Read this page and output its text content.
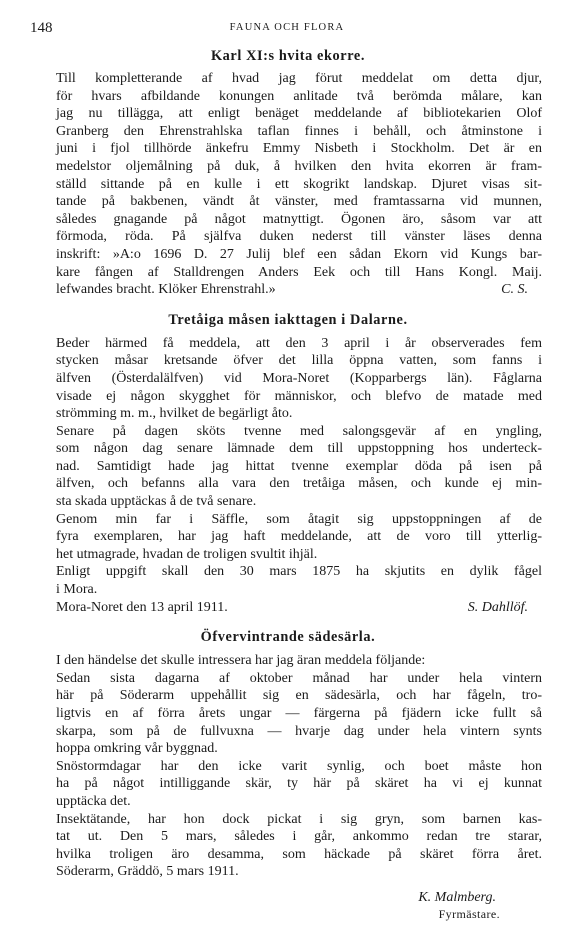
148	FAUNA OCH FLORA
Karl XI:s hvita ekorre.

Till kompletterande af hvad jag förut meddelat om detta djur,
för hvars afbildande konungen anlitade två berömda målare, kan
jag nu tillägga, att enligt benäget meddelande af bibliotekarien Olof
Granberg den Ehrenstrahlska taflan finnes i behåll, och åtminstone i
juni i fjol tillhörde änkefru Emmy Nisbeth i Stockholm. Det är en
medelstor oljemålning på duk, å hvilken den hvita ekorren är fram-
ställd sittande på en kulle i ett skogrikt landskap. Djuret visas sit-
tande på bakbenen, vändt åt vänster, med framtassarna vid munnen,
således gnagande på något matnyttigt. Ögonen äro, såsom var att
förmoda, röda. På själfva duken nederst till vänster läses denna
inskrift: »A:o 1696 D. 27 Julij blef een sådan Ekorn vid Kungs bar-
kare fången af Stalldrengen Anders Eek och till Hans Kongl. Maij.
lefwandes bracht. Klöker Ehrenstrahl.»	C. S.

Tretåiga måsen iakttagen i Dalarne.

Beder härmed få meddela, att den 3 april i år observerades fem
stycken måsar kretsande öfver det lilla öppna vatten, som fanns i
älfven (Österdalälfven) vid Mora-Noret (Kopparbergs län). Fåglarna
visade ej någon skygghet för människor, och blefvo de matade med
strömming m. m., hvilket de begärligt åto.

Senare på dagen sköts tvenne med salongsgevär af en yngling,
som någon dag senare lämnade dem till uppstoppning hos underteck-
nad. Samtidigt hade jag hittat tvenne exemplar döda på isen på
älfven, och befanns alla vara den tretåiga måsen, och kunde ej min-
sta skada upptäckas å de två senare.

Genom min far i Säffle, som åtagit sig uppstoppningen af de
fyra exemplaren, har jag haft meddelande, att de voro till ytterlig-
het utmagrade, hvadan de troligen svultit ihjäl.

Enligt uppgift skall den 30 mars 1875 ha skjutits en dylik fågel
i Mora.

Mora-Noret den 13 april 1911.	S. Dahllöf.

Öfvervintrande sädesärla.

I den händelse det skulle intressera har jag äran meddela följande:

Sedan sista dagarna af oktober månad har under hela vintern
här på Söderarm uppehållit sig en sädesärla, och har fågeln, tro-
ligtvis en af förra årets ungar — färgerna på fjädern icke fullt så
skarpa, som på de fullvuxna — hvarje dag under hela vintern synts
hoppa omkring vår byggnad.

Snöstormdagar har den icke varit synlig, och boet måste hon
ha på något intilliggande skär, ty här på skäret ha vi ej kunnat
upptäcka det.

Insektätande, har hon dock pickat i sig gryn, som barnen kas-
tat ut. Den 5 mars, således i går, ankommo redan tre starar,
hvilka troligen äro desamma, som häckade på skäret förra året.
Söderarm, Gräddö, 5 mars 1911.

K. Malmberg.
Fyrmästare.
